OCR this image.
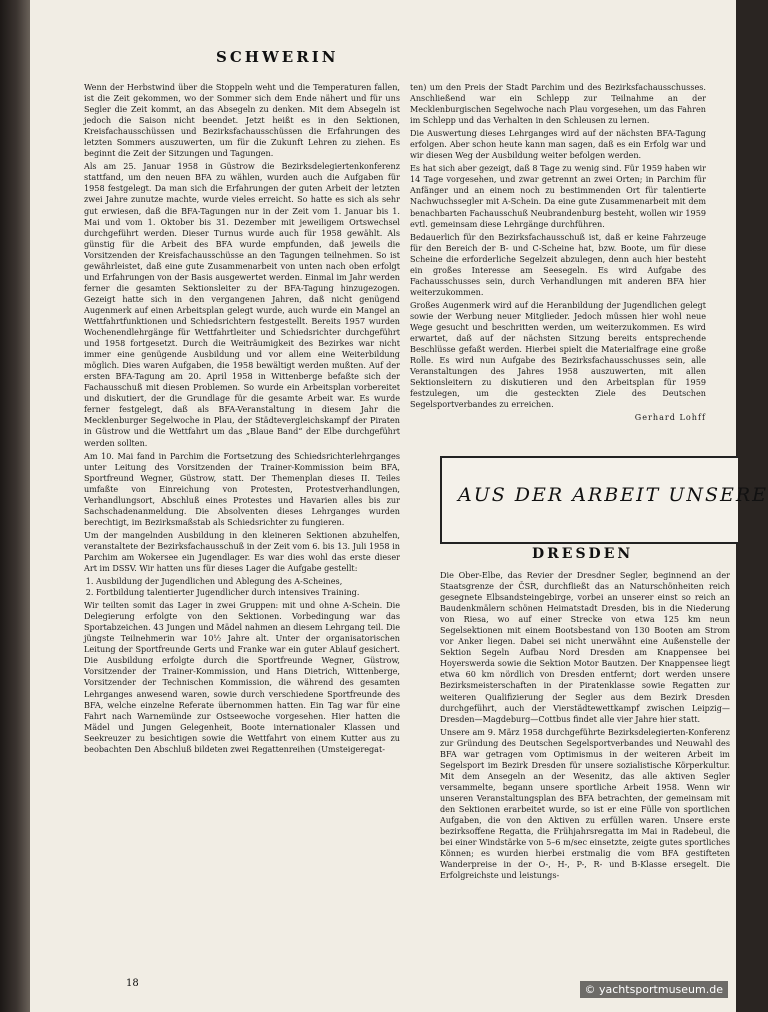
SCHWERIN

Wenn der Herbstwind über die Stoppeln weht und die Temperaturen fallen, ist die Zeit gekommen, wo der Sommer sich dem Ende nähert und für uns Segler die Zeit kommt, an das Absegeln zu denken. Mit dem Absegeln ist jedoch die Saison nicht beendet. Jetzt heißt es in den Sektionen, Kreisfachausschüssen und Bezirksfachausschüssen die Erfahrungen des letzten Sommers auszuwerten, um für die Zukunft Lehren zu ziehen. Es beginnt die Zeit der Sitzungen und Tagungen.

Als am 25. Januar 1958 in Güstrow die Bezirksdelegiertenkonferenz stattfand, um den neuen BFA zu wählen, wurden auch die Aufgaben für 1958 festgelegt. Da man sich die Erfahrungen der guten Arbeit der letzten zwei Jahre zunutze machte, wurde vieles erreicht. So hatte es sich als sehr gut erwiesen, daß die BFA-Tagungen nur in der Zeit vom 1. Januar bis 1. Mai und vom 1. Oktober bis 31. Dezember mit jeweiligem Ortswechsel durchgeführt werden. Dieser Turnus wurde auch für 1958 gewählt. Als günstig für die Arbeit des BFA wurde empfunden, daß jeweils die Vorsitzenden der Kreisfachausschüsse an den Tagungen teilnehmen. So ist gewährleistet, daß eine gute Zusammenarbeit von unten nach oben erfolgt und Erfahrungen von der Basis ausgewertet werden. Einmal im Jahr werden ferner die gesamten Sektionsleiter zu der BFA-Tagung hinzugezogen. Gezeigt hatte sich in den vergangenen Jahren, daß nicht genügend Augenmerk auf einen Arbeitsplan gelegt wurde, auch wurde ein Mangel an Wettfahrtfunktionen und Schiedsrichtern festgestellt. Bereits 1957 wurden Wochenendlehrgänge für Wettfahrtleiter und Schiedsrichter durchgeführt und 1958 fortgesetzt. Durch die Weiträumigkeit des Bezirkes war nicht immer eine genügende Ausbildung und vor allem eine Weiterbildung möglich. Dies waren Aufgaben, die 1958 bewältigt werden mußten. Auf der ersten BFA-Tagung am 20. April 1958 in Wittenberge befaßte sich der Fachausschuß mit diesen Problemen. So wurde ein Arbeitsplan vorbereitet und diskutiert, der die Grundlage für die gesamte Arbeit war. Es wurde ferner festgelegt, daß als BFA-Veranstaltung in diesem Jahr die Mecklenburger Segelwoche in Plau, der Städtevergleichskampf der Piraten in Güstrow und die Wettfahrt um das „Blaue Band“ der Elbe durchgeführt werden sollten.

Am 10. Mai fand in Parchim die Fortsetzung des Schiedsrichterlehrganges unter Leitung des Vorsitzenden der Trainer-Kommission beim BFA, Sportfreund Wegner, Güstrow, statt. Der Themenplan dieses II. Teiles umfaßte von Einreichung von Protesten, Protestverhandlungen, Verhandlungsort, Abschluß eines Protestes und Havarien alles bis zur Sachschadenanmeldung. Die Absolventen dieses Lehrganges wurden berechtigt, im Bezirksmaßstab als Schiedsrichter zu fungieren.

Um der mangelnden Ausbildung in den kleineren Sektionen abzuhelfen, veranstaltete der Bezirksfachausschuß in der Zeit vom 6. bis 13. Juli 1958 in Parchim am Wokersee ein Jugendlager. Es war dies wohl das erste dieser Art im DSSV. Wir hatten uns für dieses Lager die Aufgabe gestellt:

1. Ausbildung der Jugendlichen und Ablegung des A-Scheines,
2. Fortbildung talentierter Jugendlicher durch intensives Training.

Wir teilten somit das Lager in zwei Gruppen: mit und ohne A-Schein. Die Delegierung erfolgte von den Sektionen. Vorbedingung war das Sportabzeichen. 43 Jungen und Mädel nahmen an diesem Lehrgang teil. Die jüngste Teilnehmerin war 10½ Jahre alt. Unter der organisatorischen Leitung der Sportfreunde Gerts und Franke war ein guter Ablauf gesichert. Die Ausbildung erfolgte durch die Sportfreunde Wegner, Güstrow, Vorsitzender der Trainer-Kommission, und Hans Dietrich, Wittenberge, Vorsitzender der Technischen Kommission, die während des gesamten Lehrganges anwesend waren, sowie durch verschiedene Sportfreunde des BFA, welche einzelne Referate übernommen hatten. Ein Tag war für eine Fahrt nach Warnemünde zur Ostseewoche vorgesehen. Hier hatten die Mädel und Jungen Gelegenheit, Boote internationaler Klassen und Seekreuzer zu besichtigen sowie die Wettfahrt von einem Kutter aus zu beobachten Den Abschluß bildeten zwei Regattenreihen (Umsteigeregat-

ten) um den Preis der Stadt Parchim und des Bezirksfachausschusses. Anschließend war ein Schlepp zur Teilnahme an der Mecklenburgischen Segelwoche nach Plau vorgesehen, um das Fahren im Schlepp und das Verhalten in den Schleusen zu lernen.

Die Auswertung dieses Lehrganges wird auf der nächsten BFA-Tagung erfolgen. Aber schon heute kann man sagen, daß es ein Erfolg war und wir diesen Weg der Ausbildung weiter befolgen werden.

Es hat sich aber gezeigt, daß 8 Tage zu wenig sind. Für 1959 haben wir 14 Tage vorgesehen, und zwar getrennt an zwei Orten; in Parchim für Anfänger und an einem noch zu bestimmenden Ort für talentierte Nachwuchssegler mit A-Schein. Da eine gute Zusammenarbeit mit dem benachbarten Fachausschuß Neubrandenburg besteht, wollen wir 1959 evtl. gemeinsam diese Lehrgänge durchführen.

Bedauerlich für den Bezirksfachausschuß ist, daß er keine Fahrzeuge für den Bereich der B- und C-Scheine hat, bzw. Boote, um für diese Scheine die erforderliche Segelzeit abzulegen, denn auch hier besteht ein großes Interesse am Seesegeln. Es wird Aufgabe des Fachausschusses sein, durch Verhandlungen mit anderen BFA hier weiterzukommen.

Großes Augenmerk wird auf die Heranbildung der Jugendlichen gelegt sowie der Werbung neuer Mitglieder. Jedoch müssen hier wohl neue Wege gesucht und beschritten werden, um weiterzukommen. Es wird erwartet, daß auf der nächsten Sitzung bereits entsprechende Beschlüsse gefaßt werden. Hierbei spielt die Materialfrage eine große Rolle. Es wird nun Aufgabe des Bezirksfachausschusses sein, alle Veranstaltungen des Jahres 1958 auszuwerten, mit allen Sektionsleitern zu diskutieren und den Arbeitsplan für 1959 festzulegen, um die gesteckten Ziele des Deutschen Segelsportverbandes zu erreichen.

Gerhard Lohff

AUS DER ARBEIT UNSERE
DRESDEN

Die Ober-Elbe, das Revier der Dresdner Segler, beginnend an der Staatsgrenze der ČSR, durchfließt das an Naturschönheiten reich gesegnete Elbsandsteingebirge, vorbei an unserer einst so reich an Baudenkmälern schönen Heimatstadt Dresden, bis in die Niederung von Riesa, wo auf einer Strecke von etwa 125 km neun Segelsektionen mit einem Bootsbestand von 130 Booten am Strom vor Anker liegen. Dabei sei nicht unerwähnt eine Außenstelle der Sektion Segeln Aufbau Nord Dresden am Knappensee bei Hoyerswerda sowie die Sektion Motor Bautzen. Der Knappensee liegt etwa 60 km nördlich von Dresden entfernt; dort werden unsere Bezirksmeisterschaften in der Piratenklasse sowie Regatten zur weiteren Qualifizierung der Segler aus dem Bezirk Dresden durchgeführt, auch der Vierstädtewettkampf zwischen Leipzig—Dresden—Magdeburg—Cottbus findet alle vier Jahre hier statt.

Unsere am 9. März 1958 durchgeführte Bezirksdelegierten-Konferenz zur Gründung des Deutschen Segelsportverbandes und Neuwahl des BFA war getragen vom Optimismus in der weiteren Arbeit im Segelsport im Bezirk Dresden für unsere sozialistische Körperkultur. Mit dem Ansegeln an der Wesenitz, das alle aktiven Segler versammelte, begann unsere sportliche Arbeit 1958. Wenn wir unseren Veranstaltungsplan des BFA betrachten, der gemeinsam mit den Sektionen erarbeitet wurde, so ist er eine Fülle von sportlichen Aufgaben, die von den Aktiven zu erfüllen waren. Unsere erste bezirksoffene Regatta, die Frühjahrsregatta im Mai in Radebeul, die bei einer Windstärke von 5–6 m/sec einsetzte, zeigte gutes sportliches Können; es wurden hierbei erstmalig die vom BFA gestifteten Wanderpreise in der O-, H-, P-, R- und B-Klasse ersegelt. Die Erfolgreichste und leistungs-

18	© yachtsportmuseum.de
